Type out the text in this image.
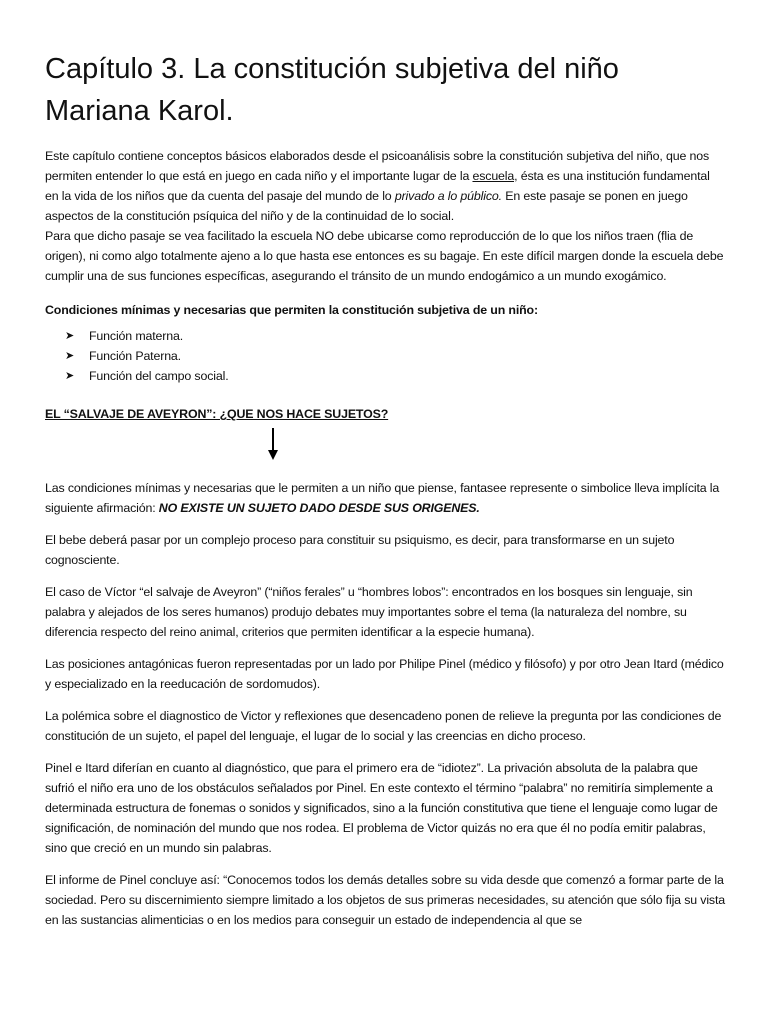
Capítulo 3. La constitución subjetiva del niño Mariana Karol.

Este capítulo contiene conceptos básicos elaborados desde el psicoanálisis sobre la constitución subjetiva del niño, que nos permiten entender lo que está en juego en cada niño y el importante lugar de la escuela, ésta es una institución fundamental en la vida de los niños que da cuenta del pasaje del mundo de lo privado a lo público. En este pasaje se ponen en juego aspectos de la constitución psíquica del niño y de la continuidad de lo social.

Para que dicho pasaje se vea facilitado la escuela NO debe ubicarse como reproducción de lo que los niños traen (flia de origen), ni como algo totalmente ajeno a lo que hasta ese entonces es su bagaje. En este difícil margen donde la escuela debe cumplir una de sus funciones específicas, asegurando el tránsito de un mundo endogámico a un mundo exogámico.

Condiciones mínimas y necesarias que permiten la constitución subjetiva de un niño:

➤ Función materna.
➤ Función Paterna.
➤ Función del campo social.

EL “SALVAJE DE AVEYRON”: ¿QUE NOS HACE SUJETOS?

Las condiciones mínimas y necesarias que le permiten a un niño que piense, fantasee represente o simbolice lleva implícita la siguiente afirmación: NO EXISTE UN SUJETO DADO DESDE SUS ORIGENES.

El bebe deberá pasar por un complejo proceso para constituir su psiquismo, es decir, para transformarse en un sujeto cognosciente.

El caso de Víctor “el salvaje de Aveyron” (“niños ferales” u “hombres lobos”: encontrados en los bosques sin lenguaje, sin palabra y alejados de los seres humanos) produjo debates muy importantes sobre el tema (la naturaleza del nombre, su diferencia respecto del reino animal, criterios que permiten identificar a la especie humana).

Las posiciones antagónicas fueron representadas por un lado por Philipe Pinel (médico y filósofo) y por otro Jean Itard (médico y especializado en la reeducación de sordomudos).

La polémica sobre el diagnostico de Victor y reflexiones que desencadeno ponen de relieve la pregunta por las condiciones de constitución de un sujeto, el papel del lenguaje, el lugar de lo social y las creencias en dicho proceso.

Pinel e Itard diferían en cuanto al diagnóstico, que para el primero era de “idiotez”. La privación absoluta de la palabra que sufrió el niño era uno de los obstáculos señalados por Pinel. En este contexto el término “palabra” no remitiría simplemente a determinada estructura de fonemas o sonidos y significados, sino a la función constitutiva que tiene el lenguaje como lugar de significación, de nominación del mundo que nos rodea. El problema de Victor quizás no era que él no podía emitir palabras, sino que creció en un mundo sin palabras.

El informe de Pinel concluye así: “Conocemos todos los demás detalles sobre su vida desde que comenzó a formar parte de la sociedad. Pero su discernimiento siempre limitado a los objetos de sus primeras necesidades, su atención que sólo fija su vista en las sustancias alimenticias o en los medios para conseguir un estado de independencia al que se
